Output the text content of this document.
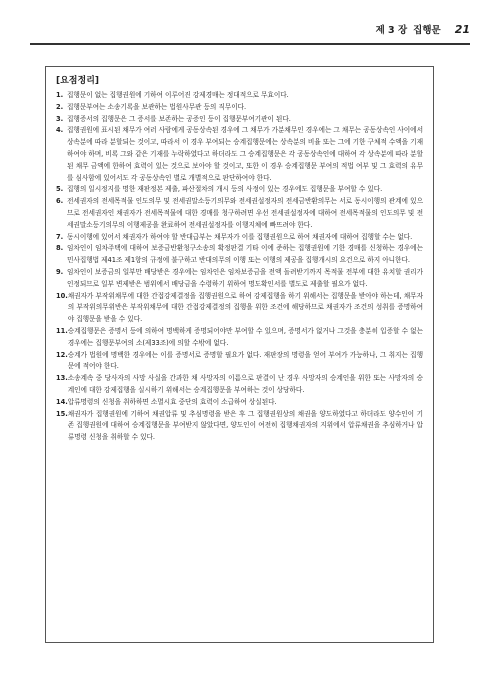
제 3 장 집행문 21
[요점정리]
1. 집행문이 없는 집행권원에 기하여 이루어진 강제경매는 정대적으로 무효이다.
2. 집행문부여는 소송기록을 보관하는 법원사무관 등의 직무이다.
3. 집행증서의 집행문은 그 증서를 보존하는 공증인 등이 집행문부여기관이 된다.
4. 집행권원에 표시된 채무가 여러 사람에게 공동상속된 경우에 그 채무가 가분채무인 경우에는 그 채무는 공동상속인 사이에서 상속분에 따라 분할되는 것이고, 따라서 이 경우 부여되는 승계집행문에는 상속분의 비율 또는 그에 기한 구체적 수액을 기재하여야 하며, 비록 그와 같은 기재를 누락하였다고 하더라도 그 승계집행문은 각 공동상속인에 대하여 각 상속분에 따라 분할된 채무 금액에 한하여 효력이 있는 것으로 보아야 할 것이고, 또한 이 경우 승계집행문 부여의 적법 여부 및 그 효력의 유무를 심사함에 있어서도 각 공동상속인 별로 개별적으로 판단하여야 한다.
5. 집행의 일시정지를 명한 재판정본 제출, 파산절차의 개시 등의 사정이 있는 경우에도 집행문을 부여할 수 있다.
6. 전세권자의 전세목적물 인도의무 및 전세권말소등기의무와 전세권설정자의 전세금반환의무는 서로 동시이행의 관계에 있으므로 전세권자인 채권자가 전세목적물에 대한 경매를 청구하려면 우선 전세권설정자에 대하여 전세목적물의 인도의무 및 전세권말소등기의무의 이행제공을 완료하여 전세권설정자를 이행지체에 빠뜨려야 한다.
7. 동시이행에 있어서 채권자가 하여야 할 반대급부는 채무자가 이를 집행권원으로 하여 채권자에 대하여 집행할 수는 없다.
8. 임차인이 임차주택에 대하여 보증금반환청구소송의 확정판결 기타 이에 준하는 집행권원에 기한 경매를 신청하는 경우에는 민사집행법 제41조 제1항의 규정에 불구하고 반대의무의 이행 또는 이행의 제공을 집행개시의 요건으로 하지 아니한다.
9. 임차인이 보증금의 일부만 배당받은 경우에는 임차인은 임차보증금을 전액 돌려받기까지 목적물 전부에 대한 유치할 권리가 인정되므로 일부 변제받은 범위에서 배당금을 수령하기 위하여 명도확인서를 별도로 제출할 필요가 없다.
10. 채권자가 부작위채무에 대한 간접강제결정을 집행권원으로 하여 강제집행을 하기 위해서는 집행문을 받아야 하는데, 채무자의 부작위의무위반은 부작위채무에 대한 간접강제결정의 집행을 위한 조건에 해당하므로 채권자가 조건의 성취를 증명하여야 집행문을 받을 수 있다.
11. 승계집행문은 증명서 등에 의하여 명백하게 증명되어야만 부여할 수 있으며, 증명서가 없거나 그것을 충분히 입증할 수 없는 경우에는 집행문부여의 소(제33조)에 의할 수밖에 없다.
12. 승계가 법원에 명백한 경우에는 이를 증명서로 증명할 필요가 없다. 재판장의 명령을 얻어 부여가 가능하나, 그 취지는 집행문에 적어야 한다.
13. 소송계속 중 당사자의 사망 사실을 간과한 채 사망자의 이름으로 판결이 난 경우 사망자의 승계인을 위한 또는 사망자의 승계인에 대한 강제집행을 실시하기 위해서는 승계집행문을 부여하는 것이 상당하다.
14. 압류명령의 신청을 취하하면 소멸시효 중단의 효력이 소급하여 상실된다.
15. 채권자가 집행권원에 기하여 채권압류 및 추심명령을 받은 후 그 집행권원상의 채권을 양도하였다고 하더라도 양수인이 기존 집행권원에 대하여 승계집행문을 부여받지 않았다면, 양도인이 여전히 집행채권자의 지위에서 압류채권을 추심하거나 압류명령 신청을 취하할 수 있다.
